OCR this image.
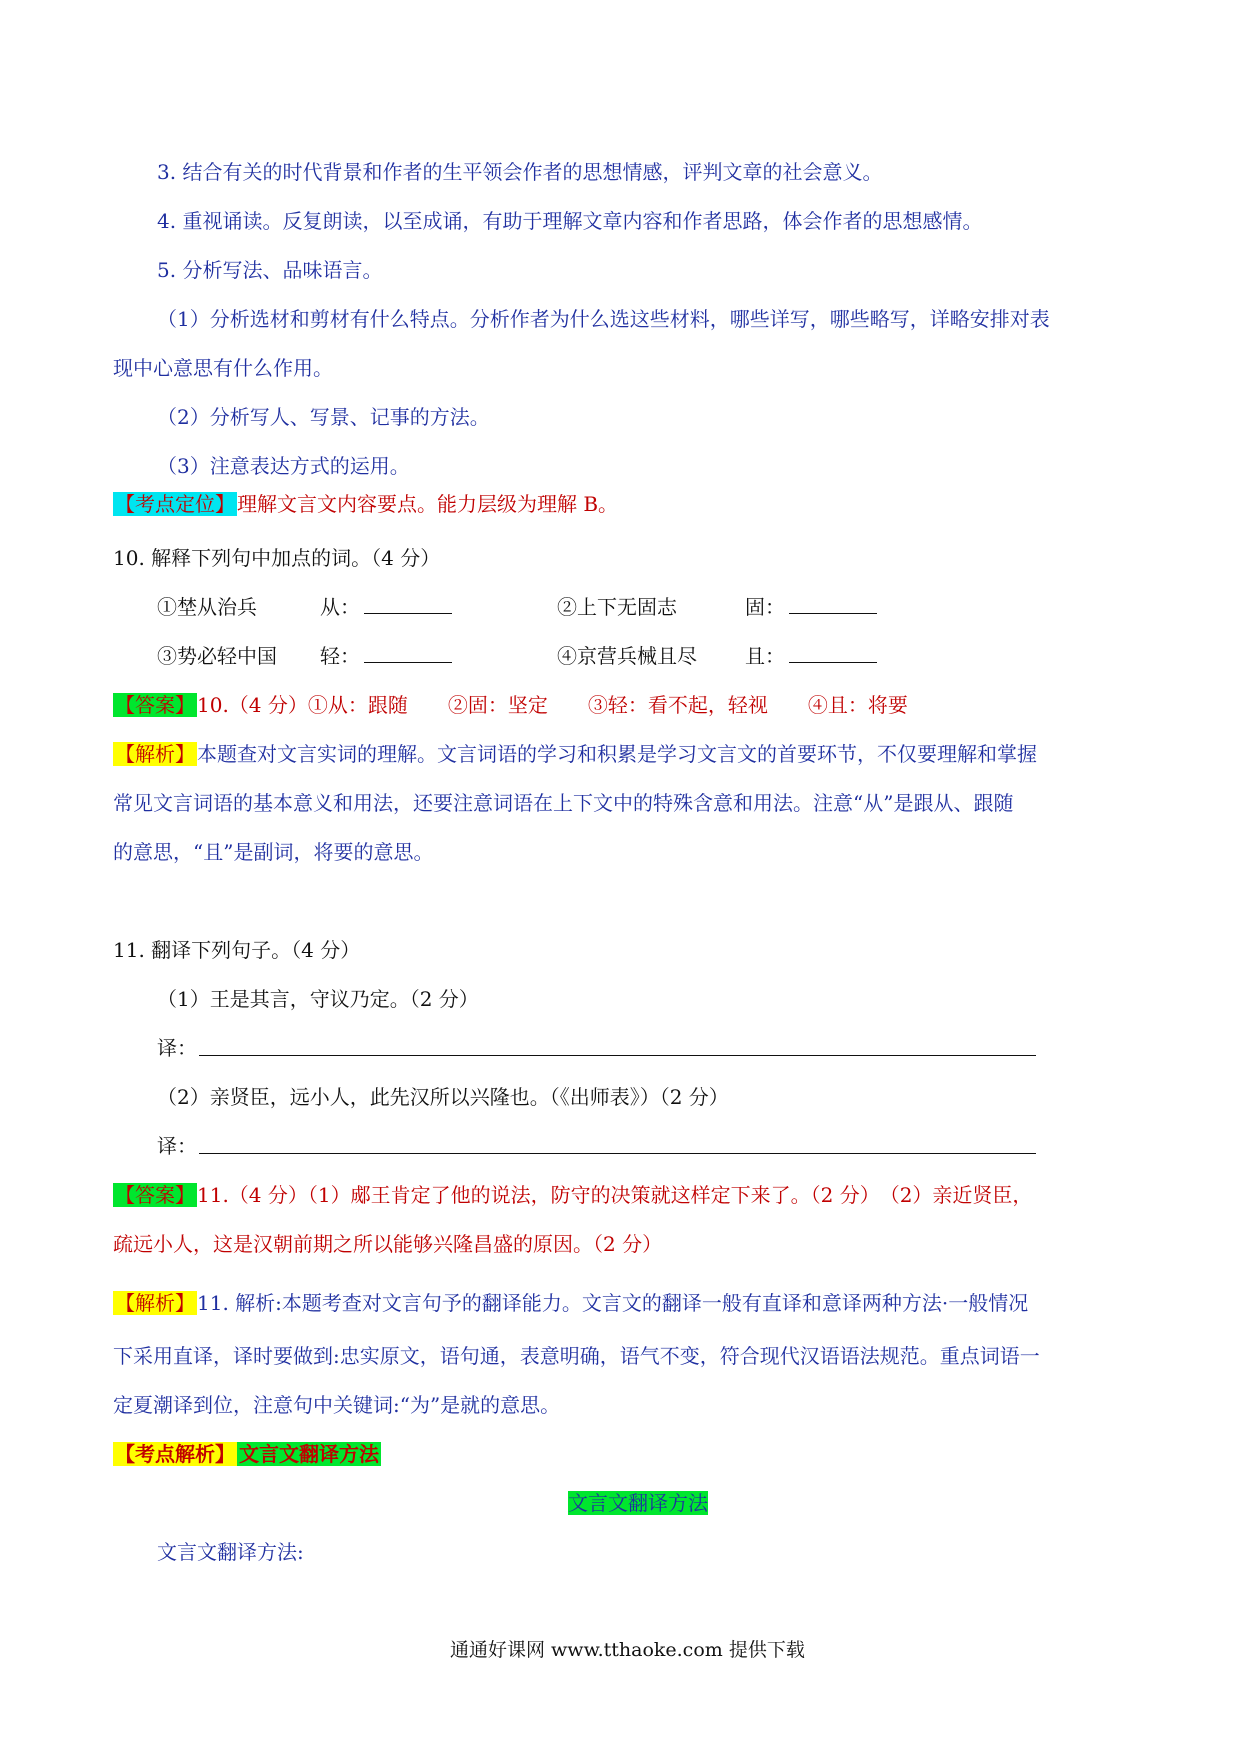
3. 结合有关的时代背景和作者的生平领会作者的思想情感，评判文章的社会意义。
4. 重视诵读。反复朗读，以至成诵，有助于理解文章内容和作者思路，体会作者的思想感情。
5. 分析写法、品味语言。
（1）分析选材和剪材有什么特点。分析作者为什么选这些材料，哪些详写，哪些略写，详略安排对表
现中心意思有什么作用。
（2）分析写人、写景、记事的方法。
（3）注意表达方式的运用。
【考点定位】 理解文言文内容要点。能力层级为理解 B。
10. 解释下列句中加点的词。（4 分）
①埜从治兵	从：	②上下无固志	固：
③势必轻中国 轻：	④京营兵械且尽 且：
【答案】 10.（4 分）①从：跟随　　②固：坚定　　③轻：看不起，轻视　　④且：将要
【解析】 本题查对文言实词的理解。文言词语的学习和积累是学习文言文的首要环节，不仅要理解和掌握
常见文言词语的基本意义和用法，还要注意词语在上下文中的特殊含意和用法。注意“从”是跟从、跟随
的意思，“且”是副词，将要的意思。
11. 翻译下列句子。（4 分）
（1）王是其言，守议乃定。（2 分）
译：
（2）亲贤臣，远小人，此先汉所以兴隆也。（《出师表》）（2 分）
译：
【答案】 11.（4 分）（1）郕王肯定了他的说法，防守的决策就这样定下来了。（2 分）　（2）亲近贤臣，
疏远小人，这是汉朝前期之所以能够兴隆昌盛的原因。（2 分）
【解析】 11. 解析:本题考查对文言句予的翻译能力。文言文的翻译一般有直译和意译两种方法·一般情况
下采用直译，译时要做到:忠实原文，语句通，表意明确，语气不变，符合现代汉语语法规范。重点词语一
定夏潮译到位，注意句中关键词:“为”是就的意思。
【考点解析】 文言文翻译方法
文言文翻译方法
文言文翻译方法:
通通好课网 www.tthaoke.com 提供下载
